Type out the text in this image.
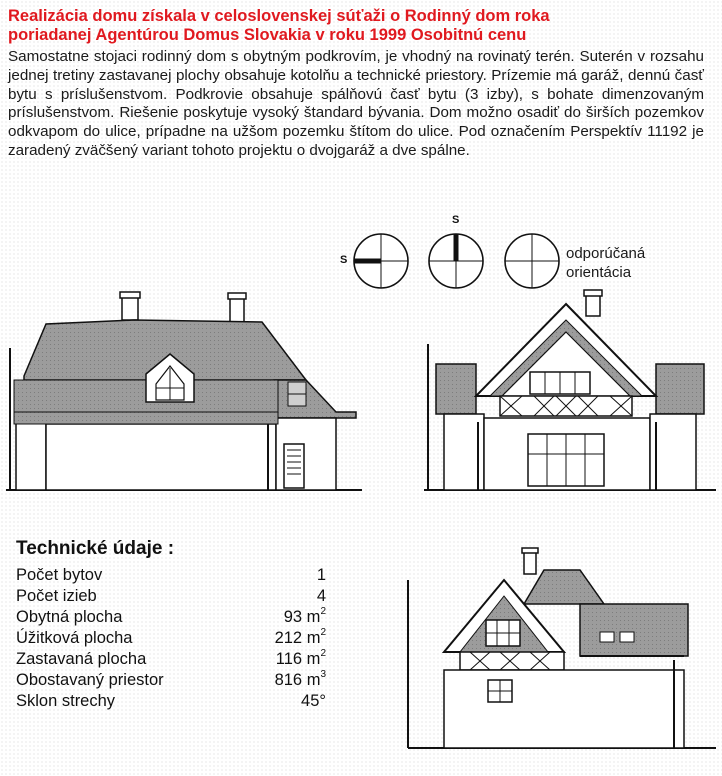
Realizácia domu získala v celoslovenskej súťaži o Rodinný dom roka
poriadanej Agentúrou Domus Slovakia v roku 1999 Osobitnú cenu
Samostatne stojaci rodinný dom s obytným podkrovím, je vhodný na rovinatý terén. Suterén v rozsahu jednej tretiny zastavanej plochy obsahuje kotolňu a technické priestory. Prízemie má garáž, dennú časť bytu s príslušenstvom. Podkrovie obsahuje spálňovú časť bytu (3 izby), s bohate dimenzovaným príslušenstvom. Riešenie poskytuje vysoký štandard bývania. Dom možno osadiť do širších pozemkov odkvapom do ulice, prípadne na užšom pozemku štítom do ulice. Pod označením Perspektív 11192 je zaradený zväčšený variant tohoto projektu o dvojgaráž a dve spálne.
S
S
odporúčaná
orientácia
Technické údaje :
Počet bytov	1
Počet izieb	4
Obytná plocha	93 $m^2$
Úžitková plocha	212 $m^2$
Zastavaná plocha	116 $m^2$
Obostavaný priestor	816 $m^3$
Sklon strechy	45°
